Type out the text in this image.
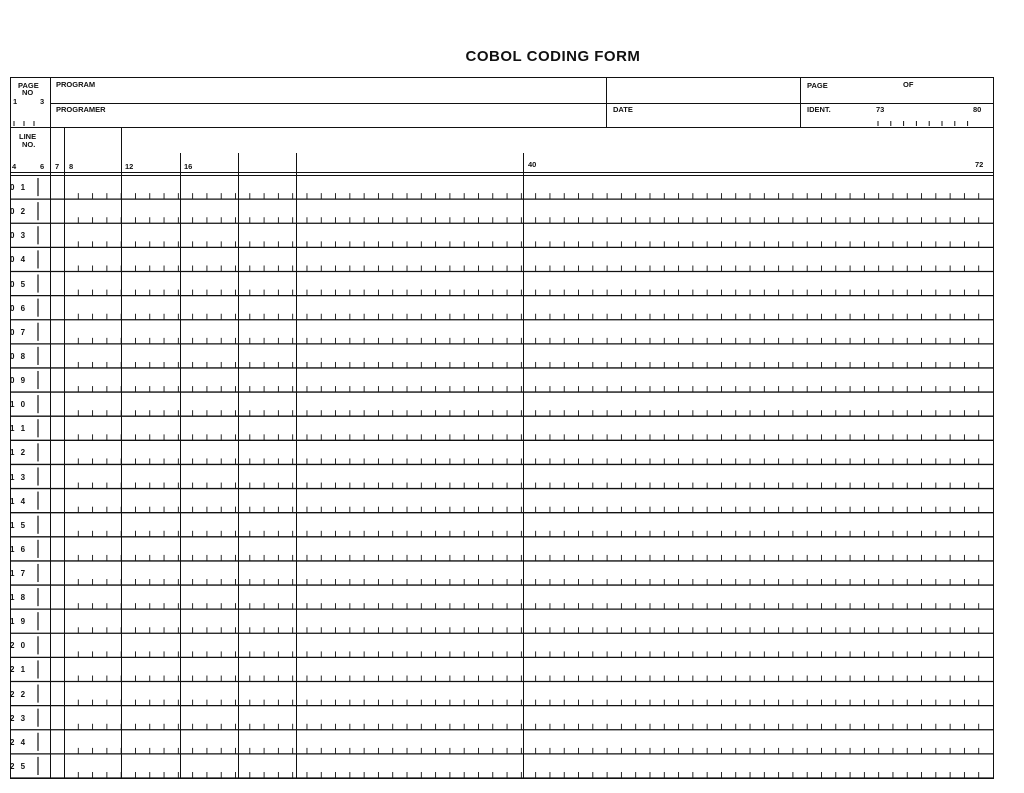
COBOL CODING FORM
PAGE
NO
1	3
PROGRAM
PROGRAMER	DATE
PAGE	OF
IDENT.	73	80
LINE
NO.
4	6 7 8	12	16	40	72
0 1
0 2
0 3
0 4
0 5
0 6
0 7
0 8
0 9
1 0
1 1
1 2
1 3
1 4
1 5
1 6
1 7
1 8
1 9
2 0
2 1
2 2
2 3
2 4
2 5
